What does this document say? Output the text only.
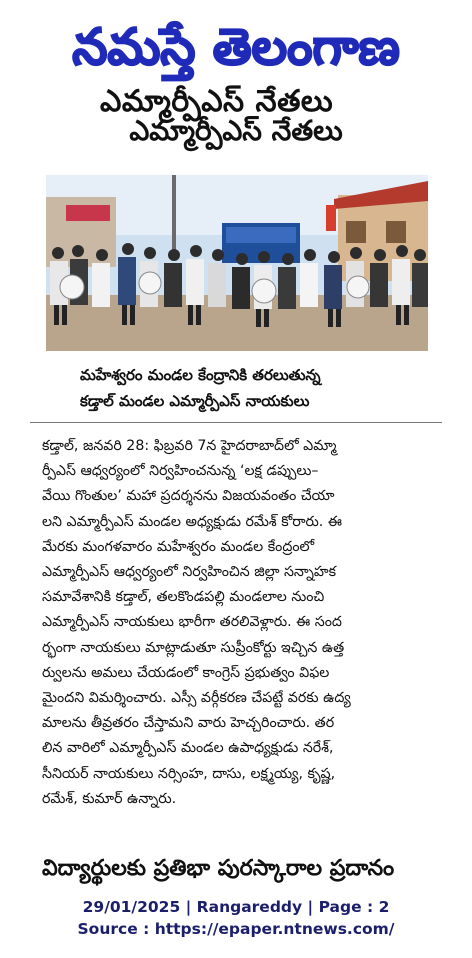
నమస్తే తెలంగాణ
ఎమ్మార్పీఎస్ నేతలు
ఎమ్మార్పీఎస్ నేతలు
మహేశ్వరం మండల కేంద్రానికి తరలుతున్న
కడ్తాల్ మండల ఎమ్మార్పీఎస్ నాయకులు
కడ్తాల్, జనవరి 28: ఫిబ్రవరి 7న హైదరాబాద్‌లో ఎమ్మా
ర్పీఎస్ ఆధ్వర్యంలో నిర్వహించనున్న ‘లక్ష డప్పులు–
వేయి గొంతుల’ మహా ప్రదర్శనను విజయవంతం చేయా
లని ఎమ్మార్పీఎస్ మండల అధ్యక్షుడు రమేశ్ కోరారు. ఈ
మేరకు మంగళవారం మహేశ్వరం మండల కేంద్రంలో
ఎమ్మార్పీఎస్ ఆధ్వర్యంలో నిర్వహించిన జిల్లా సన్నాహక
సమావేశానికి కడ్తాల్, తలకొండపల్లి మండలాల నుంచి
ఎమ్మార్పీఎస్ నాయకులు భారీగా తరలివెళ్లారు. ఈ సంద
ర్భంగా నాయకులు మాట్లాడుతూ సుప్రీంకోర్టు ఇచ్చిన ఉత్త
ర్వులను అమలు చేయడంలో కాంగ్రెస్ ప్రభుత్వం విఫల
మైందని విమర్శించారు. ఎస్సీ వర్గీకరణ చేపట్టే వరకు ఉద్య
మాలను తీవ్రతరం చేస్తామని వారు హెచ్చరించారు. తర
లిన వారిలో ఎమ్మార్పీఎస్ మండల ఉపాధ్యక్షుడు నరేశ్,
సీనియర్ నాయకులు నర్సింహ, దాసు, లక్ష్మయ్య, కృష్ణ,
రమేశ్, కుమార్ ఉన్నారు.
విద్యార్థులకు ప్రతిభా పురస్కారాల ప్రదానం
29/01/2025 | Rangareddy | Page : 2
Source : https://epaper.ntnews.com/
